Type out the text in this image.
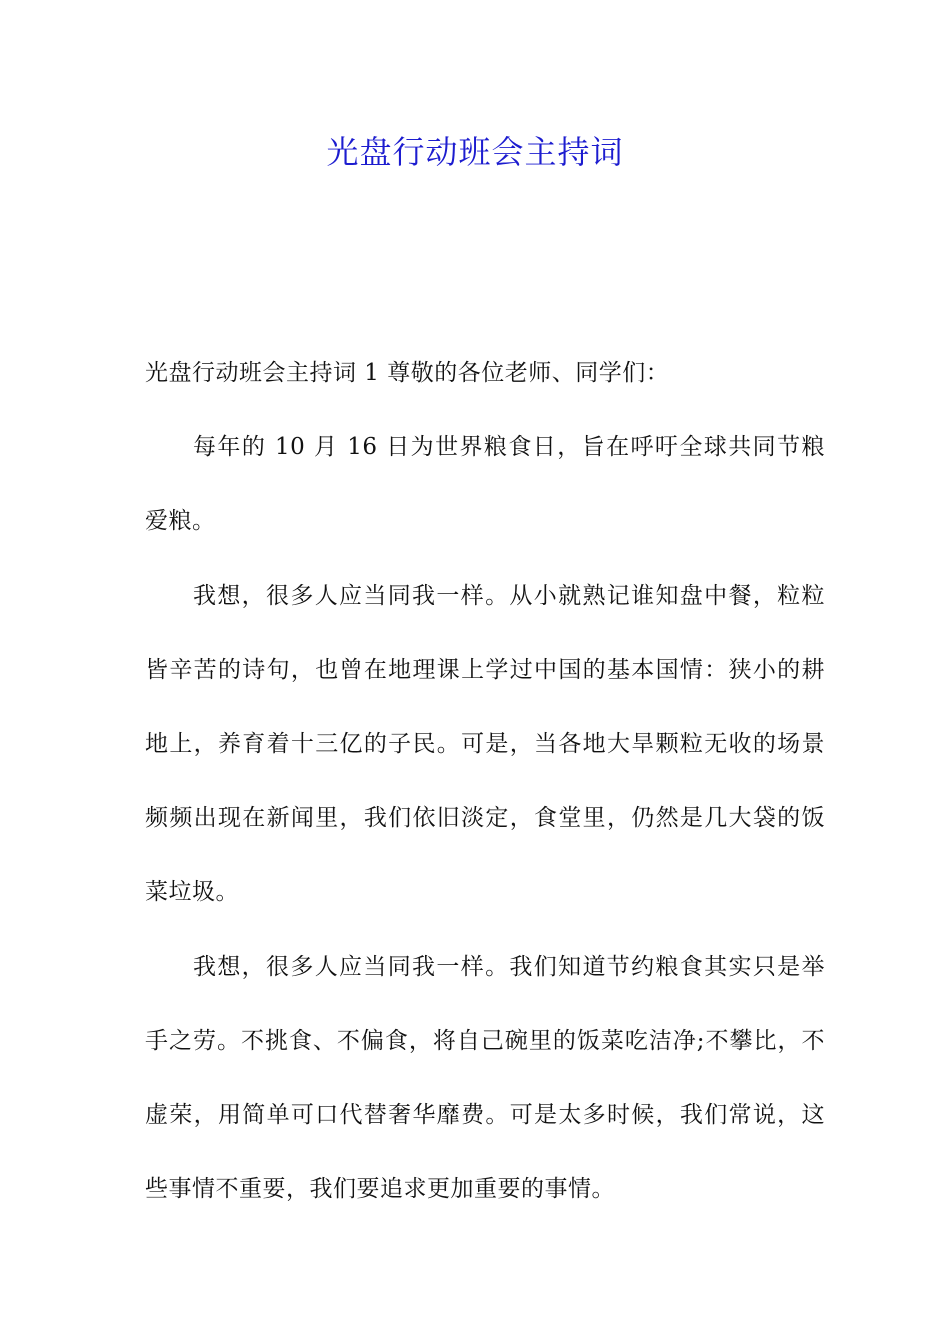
光盘行动班会主持词

光盘行动班会主持词 1 尊敬的各位老师、同学们：

每年的 10 月 16 日为世界粮食日，旨在呼吁全球共同节粮爱粮。

我想，很多人应当同我一样。从小就熟记谁知盘中餐，粒粒皆辛苦的诗句，也曾在地理课上学过中国的基本国情：狭小的耕地上，养育着十三亿的子民。可是，当各地大旱颗粒无收的场景频频出现在新闻里，我们依旧淡定，食堂里，仍然是几大袋的饭菜垃圾。

我想，很多人应当同我一样。我们知道节约粮食其实只是举手之劳。不挑食、不偏食，将自己碗里的饭菜吃洁净;不攀比，不虚荣，用简单可口代替奢华靡费。可是太多时候，我们常说，这些事情不重要，我们要追求更加重要的事情。
